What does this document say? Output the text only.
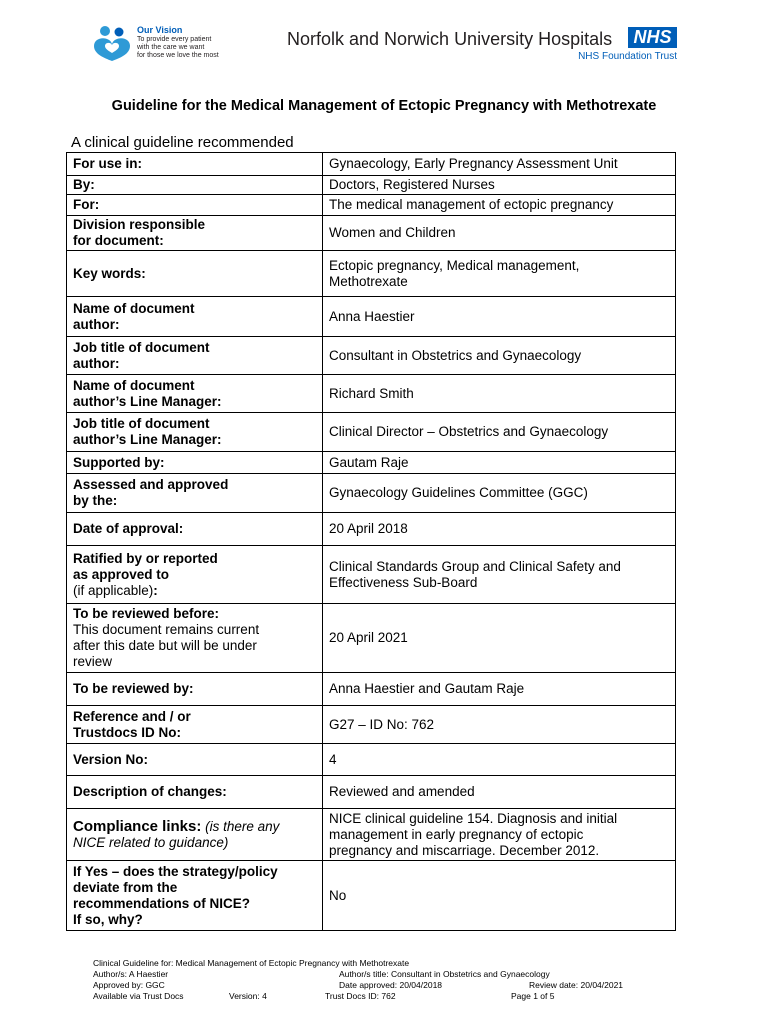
Our Vision
To provide every patient
with the care we want
for those we love the most
Norfolk and Norwich University Hospitals	NHS
NHS Foundation Trust
Guideline for the Medical Management of Ectopic Pregnancy with Methotrexate
A clinical guideline recommended
For use in:	Gynaecology, Early Pregnancy Assessment Unit
By:	Doctors, Registered Nurses
For:	The medical management of ectopic pregnancy
Division responsible
for document:	Women and Children
Key words:	Ectopic pregnancy, Medical management,
Methotrexate
Name of document
author:	Anna Haestier
Job title of document
author:	Consultant in Obstetrics and Gynaecology
Name of document
author’s Line Manager:	Richard Smith
Job title of document
author’s Line Manager:	Clinical Director – Obstetrics and Gynaecology
Supported by:	Gautam Raje
Assessed and approved
by the:	Gynaecology Guidelines Committee (GGC)
Date of approval:	20 April 2018
Ratified by or reported
as approved to
(if applicable):	Clinical Standards Group and Clinical Safety and
Effectiveness Sub-Board
To be reviewed before:
This document remains current
after this date but will be under
review	20 April 2021
To be reviewed by:	Anna Haestier and Gautam Raje
Reference and / or
Trustdocs ID No:	G27 – ID No: 762
Version No:	4
Description of changes:	Reviewed and amended
Compliance links: (is there any
NICE related to guidance)	NICE clinical guideline 154. Diagnosis and initial
management in early pregnancy of ectopic
pregnancy and miscarriage. December 2012.
If Yes – does the strategy/policy
deviate from the
recommendations of NICE?
If so, why?	No
Clinical Guideline for: Medical Management of Ectopic Pregnancy with Methotrexate
Author/s: A Haestier	Author/s title: Consultant in Obstetrics and Gynaecology
Approved by: GGC	Date approved: 20/04/2018	Review date: 20/04/2021
Available via Trust Docs	Version: 4	Trust Docs ID: 762	Page 1 of 5
